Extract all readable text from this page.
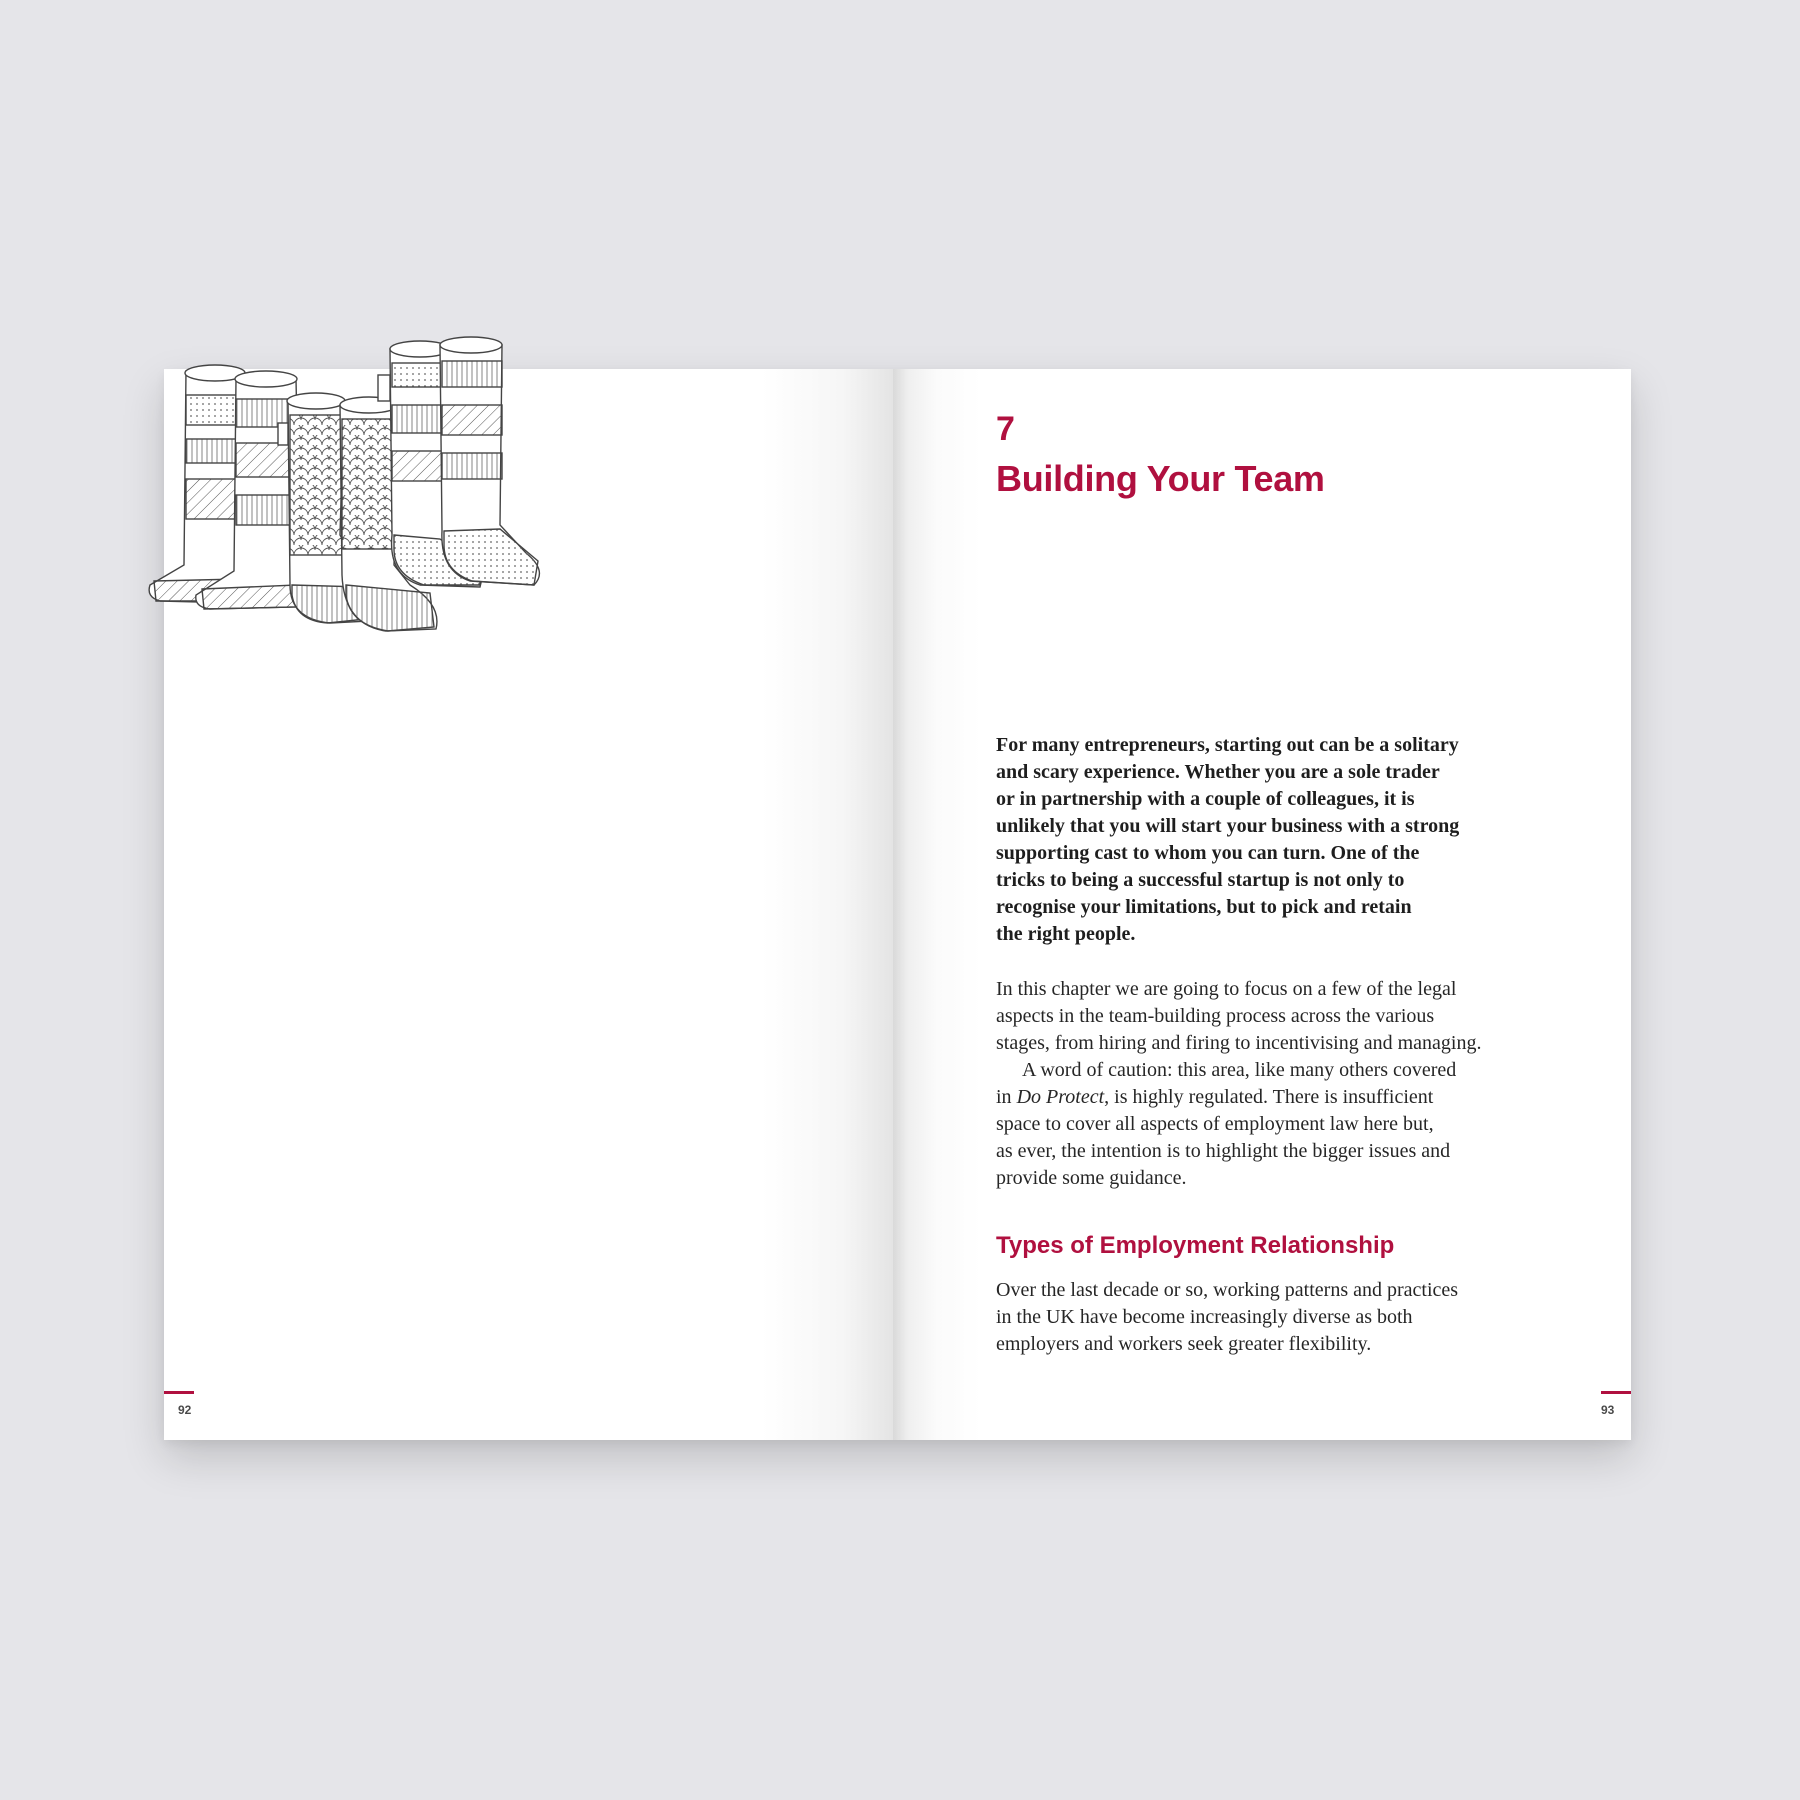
92
7
Building Your Team

For many entrepreneurs, starting out can be a solitary
and scary experience. Whether you are a sole trader
or in partnership with a couple of colleagues, it is
unlikely that you will start your business with a strong
supporting cast to whom you can turn. One of the
tricks to being a successful startup is not only to
recognise your limitations, but to pick and retain
the right people.

In this chapter we are going to focus on a few of the legal
aspects in the team-building process across the various
stages, from hiring and firing to incentivising and managing.

A word of caution: this area, like many others covered
in Do Protect, is highly regulated. There is insufficient
space to cover all aspects of employment law here but,
as ever, the intention is to highlight the bigger issues and
provide some guidance.

Types of Employment Relationship

Over the last decade or so, working patterns and practices
in the UK have become increasingly diverse as both
employers and workers seek greater flexibility.

93
